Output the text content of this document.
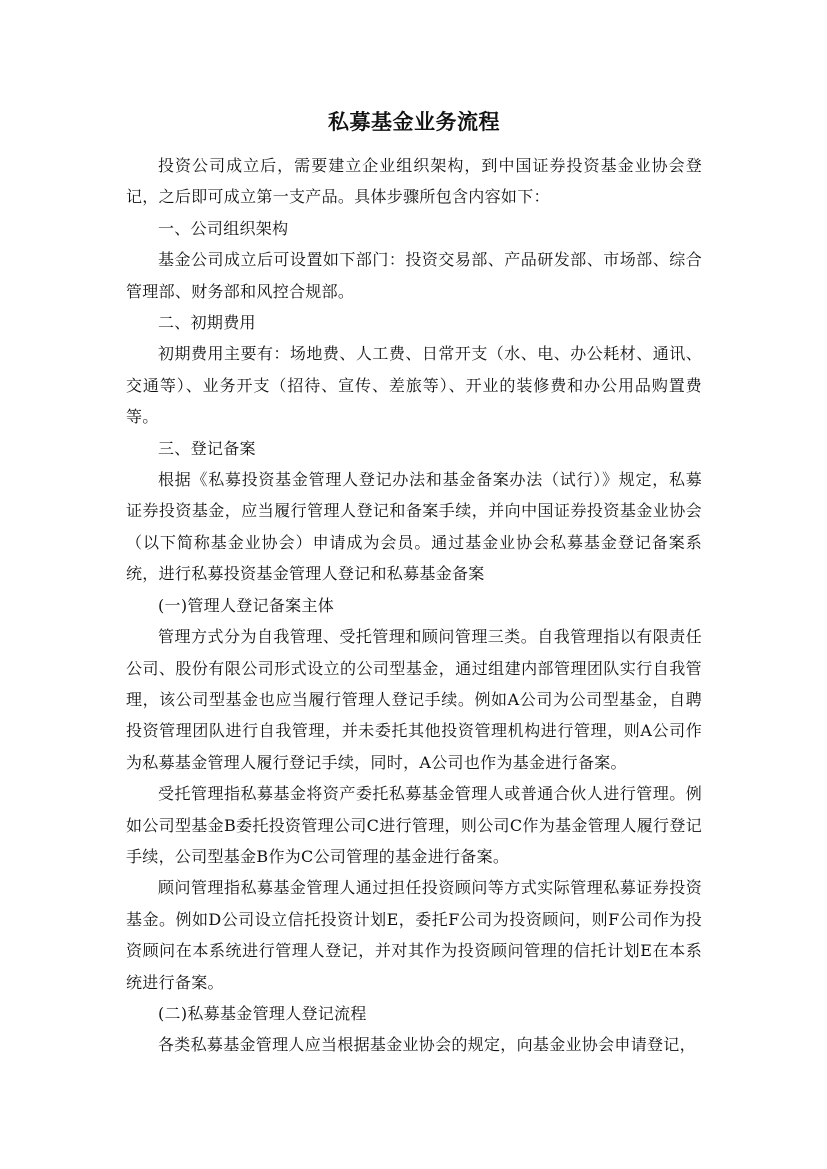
私募基金业务流程

投资公司成立后，需要建立企业组织架构，到中国证券投资基金业协会登记，之后即可成立第一支产品。具体步骤所包含内容如下：

一、公司组织架构

基金公司成立后可设置如下部门：投资交易部、产品研发部、市场部、综合管理部、财务部和风控合规部。

二、初期费用

初期费用主要有：场地费、人工费、日常开支（水、电、办公耗材、通讯、交通等）、业务开支（招待、宣传、差旅等）、开业的装修费和办公用品购置费等。

三、登记备案

根据《私募投资基金管理人登记办法和基金备案办法（试行）》规定，私募证券投资基金，应当履行管理人登记和备案手续，并向中国证券投资基金业协会（以下简称基金业协会）申请成为会员。通过基金业协会私募基金登记备案系统，进行私募投资基金管理人登记和私募基金备案

(一)管理人登记备案主体

管理方式分为自我管理、受托管理和顾问管理三类。自我管理指以有限责任公司、股份有限公司形式设立的公司型基金，通过组建内部管理团队实行自我管理，该公司型基金也应当履行管理人登记手续。例如A公司为公司型基金，自聘投资管理团队进行自我管理，并未委托其他投资管理机构进行管理，则A公司作为私募基金管理人履行登记手续，同时，A公司也作为基金进行备案。

受托管理指私募基金将资产委托私募基金管理人或普通合伙人进行管理。例如公司型基金B委托投资管理公司C进行管理，则公司C作为基金管理人履行登记手续，公司型基金B作为C公司管理的基金进行备案。

顾问管理指私募基金管理人通过担任投资顾问等方式实际管理私募证券投资基金。例如D公司设立信托投资计划E，委托F公司为投资顾问，则F公司作为投资顾问在本系统进行管理人登记，并对其作为投资顾问管理的信托计划E在本系统进行备案。

(二)私募基金管理人登记流程

各类私募基金管理人应当根据基金业协会的规定，向基金业协会申请登记，
